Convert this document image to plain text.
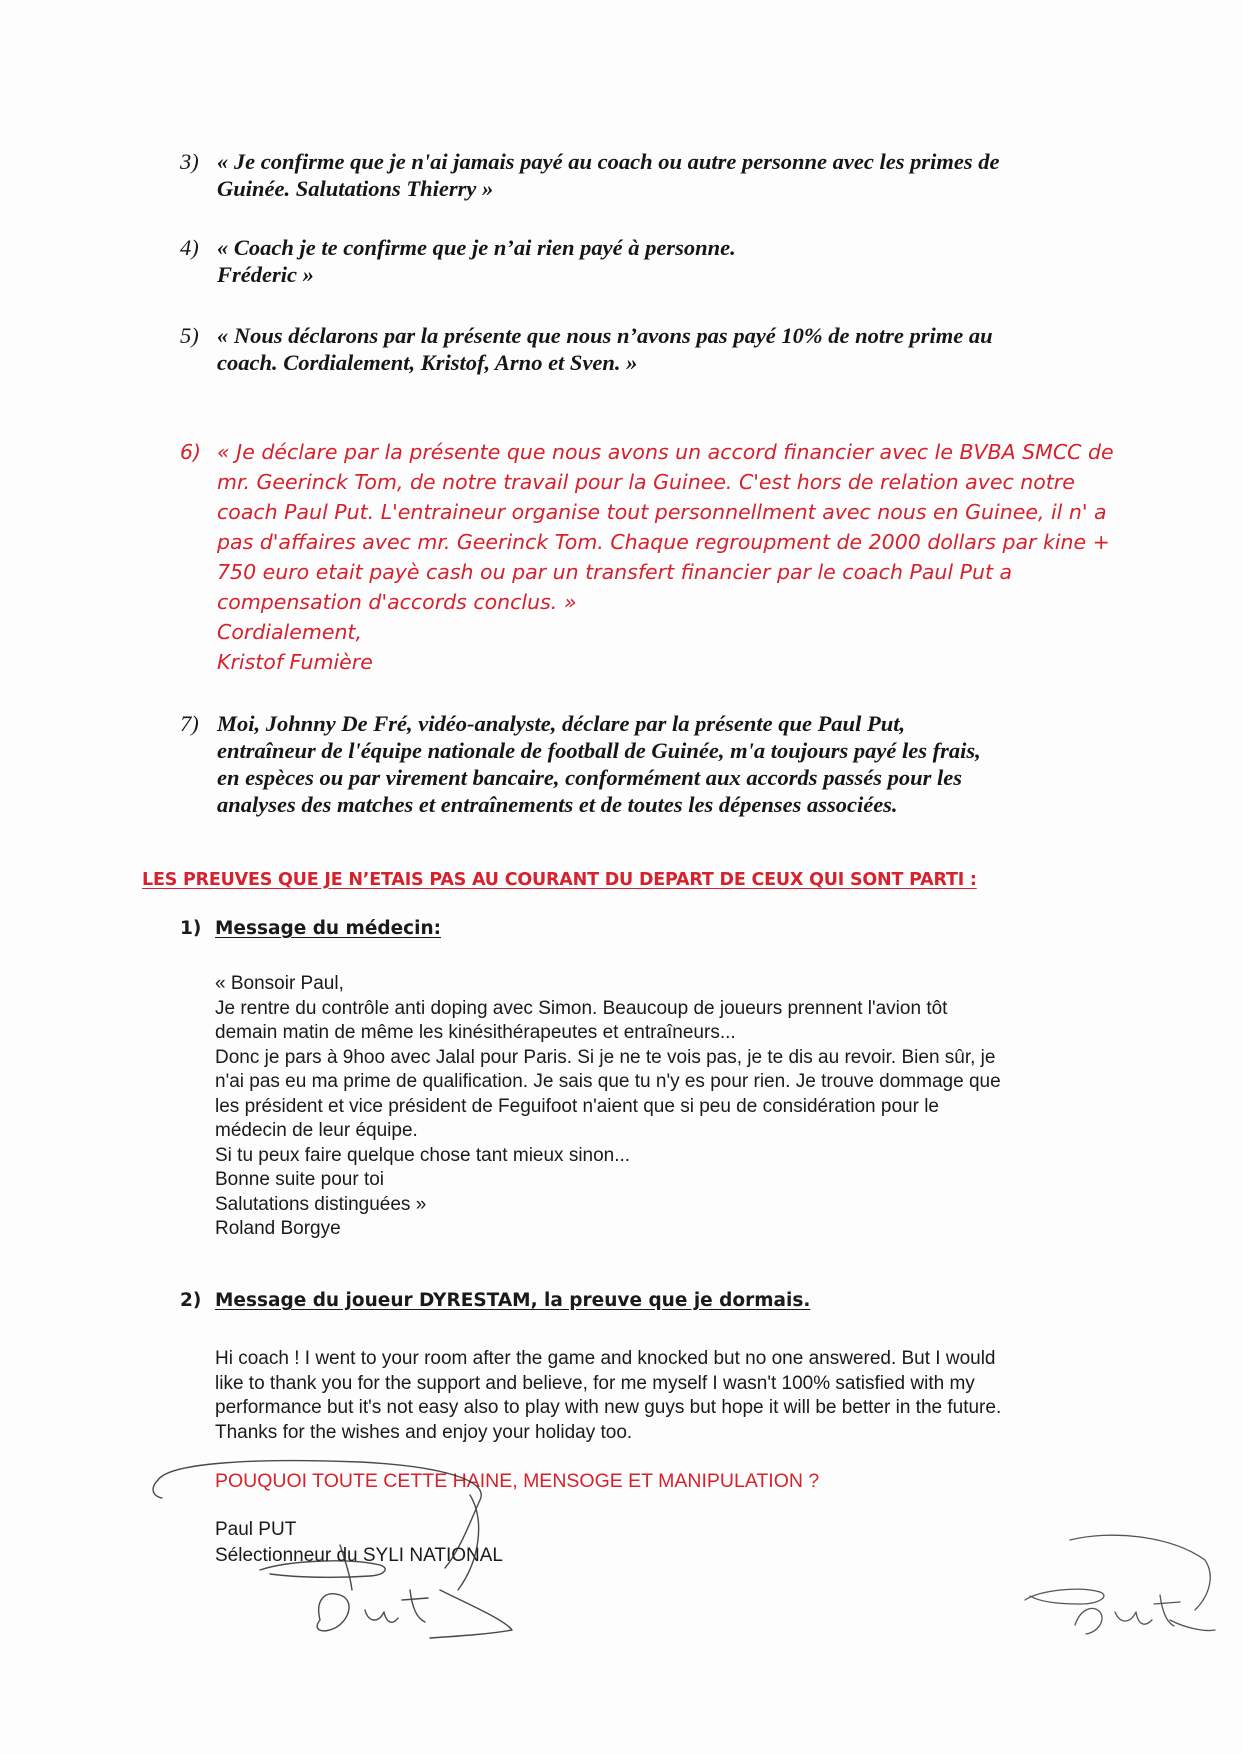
3) « Je confirme que je n'ai jamais payé au coach ou autre personne avec les primes de
Guinée. Salutations Thierry »
4) « Coach je te confirme que je n’ai rien payé à personne.
Fréderic »
5) « Nous déclarons par la présente que nous n’avons pas payé 10% de notre prime au
coach. Cordialement, Kristof, Arno et Sven. »
6) « Je déclare par la présente que nous avons un accord financier avec le BVBA SMCC de
mr. Geerinck Tom, de notre travail pour la Guinee. C'est hors de relation avec notre
coach Paul Put. L'entraineur organise tout personnellment avec nous en Guinee, il n' a
pas d'affaires avec mr. Geerinck Tom. Chaque regroupment de 2000 dollars par kine +
750 euro etait payè cash ou par un transfert financier par le coach Paul Put a
compensation d'accords conclus. »
Cordialement,
Kristof Fumière
7) Moi, Johnny De Fré, vidéo-analyste, déclare par la présente que Paul Put,
entraîneur de l'équipe nationale de football de Guinée, m'a toujours payé les frais,
en espèces ou par virement bancaire, conformément aux accords passés pour les
analyses des matches et entraînements et de toutes les dépenses associées.
LES PREUVES QUE JE N’ETAIS PAS AU COURANT DU DEPART DE CEUX QUI SONT PARTI :
1) Message du médecin:
« Bonsoir Paul,
Je rentre du contrôle anti doping avec Simon. Beaucoup de joueurs prennent l'avion tôt
demain matin de même les kinésithérapeutes et entraîneurs...
Donc je pars à 9hoo avec Jalal pour Paris. Si je ne te vois pas, je te dis au revoir. Bien sûr, je
n'ai pas eu ma prime de qualification. Je sais que tu n'y es pour rien. Je trouve dommage que
les président et vice président de Feguifoot n'aient que si peu de considération pour le
médecin de leur équipe.
Si tu peux faire quelque chose tant mieux sinon...
Bonne suite pour toi
Salutations distinguées »
Roland Borgye
2) Message du joueur DYRESTAM, la preuve que je dormais.
Hi coach ! I went to your room after the game and knocked but no one answered. But I would
like to thank you for the support and believe, for me myself I wasn't 100% satisfied with my
performance but it's not easy also to play with new guys but hope it will be better in the future.
Thanks for the wishes and enjoy your holiday too.
POUQUOI TOUTE CETTE HAINE, MENSOGE ET MANIPULATION ?
Paul PUT
Sélectionneur du SYLI NATIONAL
